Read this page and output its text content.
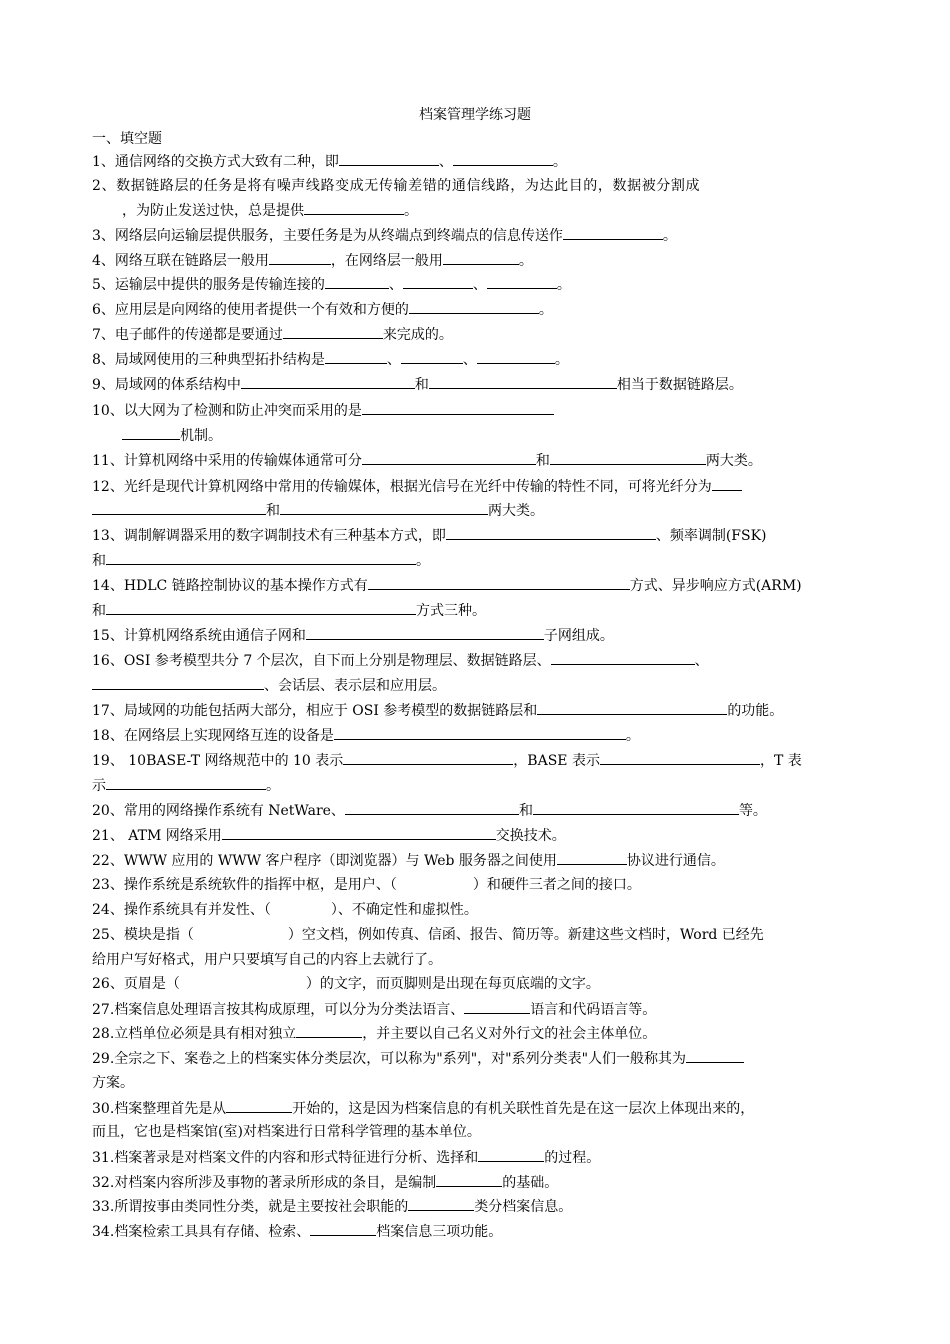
档案管理学练习题
一、填空题
1、通信网络的交换方式大致有二种，即	、	。
2、数据链路层的任务是将有噪声线路变成无传输差错的通信线路，为达此目的，数据被分割成
，为防止发送过快，总是提供	。
3、网络层向运输层提供服务，主要任务是为从终端点到终端点的信息传送作	。
4、网络互联在链路层一般用	，在网络层一般用	。
5、运输层中提供的服务是传输连接的	、	、	。
6、应用层是向网络的使用者提供一个有效和方便的	。
7、电子邮件的传递都是要通过	来完成的。
8、局域网使用的三种典型拓扑结构是	、	、	。
9、局域网的体系结构中	和	相当于数据链路层。
10、以大网为了检测和防止冲突而采用的是
机制。
11、计算机网络中采用的传输媒体通常可分	和	两大类。
12、光纤是现代计算机网络中常用的传输媒体，根据光信号在光纤中传输的特性不同，可将光纤分为
和	两大类。
13、调制解调器采用的数字调制技术有三种基本方式，即	、频率调制(FSK)
和	。
14、HDLC 链路控制协议的基本操作方式有	方式、异步响应方式(ARM)
和	方式三种。
15、计算机网络系统由通信子网和	子网组成。
16、OSI 参考模型共分 7 个层次，自下而上分别是物理层、数据链路层、	、
、会话层、表示层和应用层。
17、局域网的功能包括两大部分，相应于 OSI 参考模型的数据链路层和	的功能。
18、在网络层上实现网络互连的设备是	。
19、 10BASE-T 网络规范中的 10 表示	，BASE 表示	，T 表
示	。
20、常用的网络操作系统有 NetWare、	和	等。
21、 ATM 网络采用	交换技术。
22、WWW 应用的 WWW 客户程序（即浏览器）与 Web 服务器之间使用	协议进行通信。
23、操作系统是系统软件的指挥中枢，是用户、（	）和硬件三者之间的接口。
24、操作系统具有并发性、（	）、不确定性和虚拟性。
25、模块是指（	）空文档，例如传真、信函、报告、简历等。新建这些文档时，Word 已经先
给用户写好格式，用户只要填写自己的内容上去就行了。
26、页眉是（	）的文字，而页脚则是出现在每页底端的文字。
27.档案信息处理语言按其构成原理，可以分为分类法语言、	语言和代码语言等。
28.立档单位必须是具有相对独立	，并主要以自己名义对外行文的社会主体单位。
29.全宗之下、案卷之上的档案实体分类层次，可以称为"系列"，对"系列分类表"人们一般称其为
方案。
30.档案整理首先是从	开始的，这是因为档案信息的有机关联性首先是在这一层次上体现出来的，
而且，它也是档案馆(室)对档案进行日常科学管理的基本单位。
31.档案著录是对档案文件的内容和形式特征进行分析、选择和	的过程。
32.对档案内容所涉及事物的著录所形成的条目，是编制	的基础。
33.所谓按事由类同性分类，就是主要按社会职能的	类分档案信息。
34.档案检索工具具有存储、检索、	档案信息三项功能。
